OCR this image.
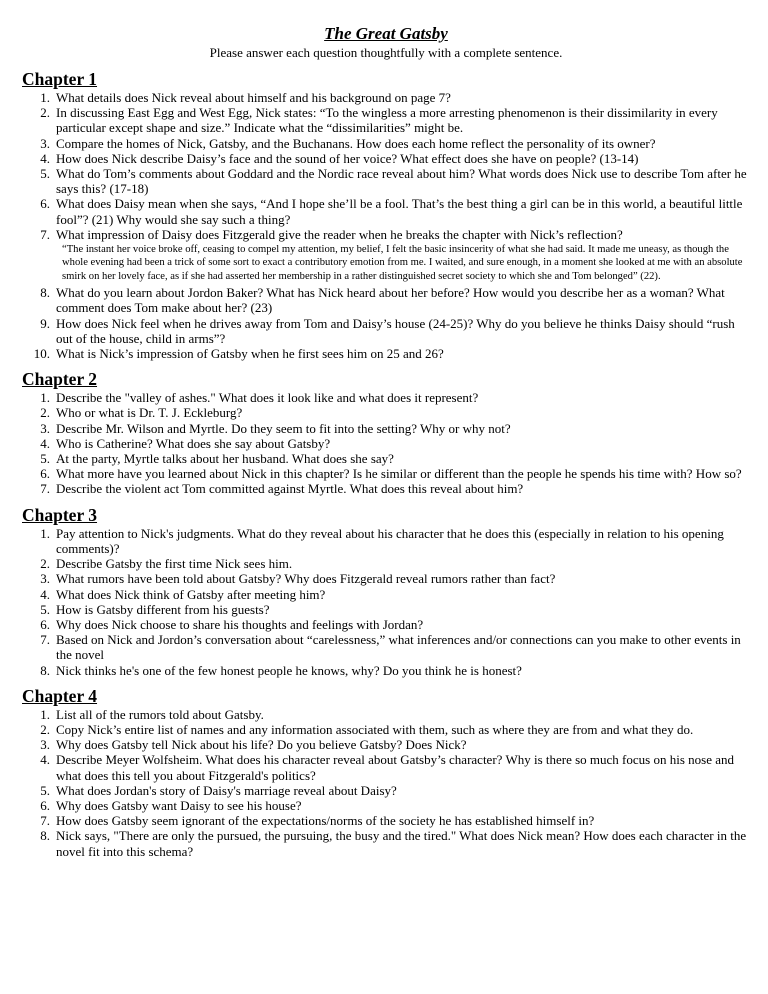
The Great Gatsby

Please answer each question thoughtfully with a complete sentence.

Chapter 1
1. What details does Nick reveal about himself and his background on page 7?
2. In discussing East Egg and West Egg, Nick states: “To the wingless a more arresting phenomenon is their dissimilarity in every particular except shape and size.” Indicate what the “dissimilarities” might be.
3. Compare the homes of Nick, Gatsby, and the Buchanans. How does each home reflect the personality of its owner?
4. How does Nick describe Daisy’s face and the sound of her voice? What effect does she have on people? (13-14)
5. What do Tom’s comments about Goddard and the Nordic race reveal about him? What words does Nick use to describe Tom after he says this? (17-18)
6. What does Daisy mean when she says, “And I hope she’ll be a fool. That’s the best thing a girl can be in this world, a beautiful little fool”? (21) Why would she say such a thing?
7. What impression of Daisy does Fitzgerald give the reader when he breaks the chapter with Nick’s reflection?

“The instant her voice broke off, ceasing to compel my attention, my belief, I felt the basic insincerity of what she had said. It made me uneasy, as though the whole evening had been a trick of some sort to exact a contributory emotion from me. I waited, and sure enough, in a moment she looked at me with an absolute smirk on her lovely face, as if she had asserted her membership in a rather distinguished secret society to which she and Tom belonged” (22).

8. What do you learn about Jordon Baker? What has Nick heard about her before? How would you describe her as a woman? What comment does Tom make about her? (23)
9. How does Nick feel when he drives away from Tom and Daisy’s house (24-25)? Why do you believe he thinks Daisy should “rush out of the house, child in arms”?
10. What is Nick’s impression of Gatsby when he first sees him on 25 and 26?
Chapter 2
1. Describe the "valley of ashes." What does it look like and what does it represent?
2. Who or what is Dr. T. J. Eckleburg?
3. Describe Mr. Wilson and Myrtle. Do they seem to fit into the setting? Why or why not?
4. Who is Catherine? What does she say about Gatsby?
5. At the party, Myrtle talks about her husband. What does she say?
6. What more have you learned about Nick in this chapter? Is he similar or different than the people he spends his time with? How so?
7. Describe the violent act Tom committed against Myrtle. What does this reveal about him?
Chapter 3
1. Pay attention to Nick's judgments. What do they reveal about his character that he does this (especially in relation to his opening comments)?
2. Describe Gatsby the first time Nick sees him.
3. What rumors have been told about Gatsby? Why does Fitzgerald reveal rumors rather than fact?
4. What does Nick think of Gatsby after meeting him?
5. How is Gatsby different from his guests?
6. Why does Nick choose to share his thoughts and feelings with Jordan?
7. Based on Nick and Jordon’s conversation about “carelessness,” what inferences and/or connections can you make to other events in the novel
8. Nick thinks he's one of the few honest people he knows, why? Do you think he is honest?
Chapter 4
1. List all of the rumors told about Gatsby.
2. Copy Nick’s entire list of names and any information associated with them, such as where they are from and what they do.
3. Why does Gatsby tell Nick about his life? Do you believe Gatsby? Does Nick?
4. Describe Meyer Wolfsheim. What does his character reveal about Gatsby’s character? Why is there so much focus on his nose and what does this tell you about Fitzgerald's politics?
5. What does Jordan's story of Daisy's marriage reveal about Daisy?
6. Why does Gatsby want Daisy to see his house?
7. How does Gatsby seem ignorant of the expectations/norms of the society he has established himself in?
8. Nick says, "There are only the pursued, the pursuing, the busy and the tired." What does Nick mean? How does each character in the novel fit into this schema?
